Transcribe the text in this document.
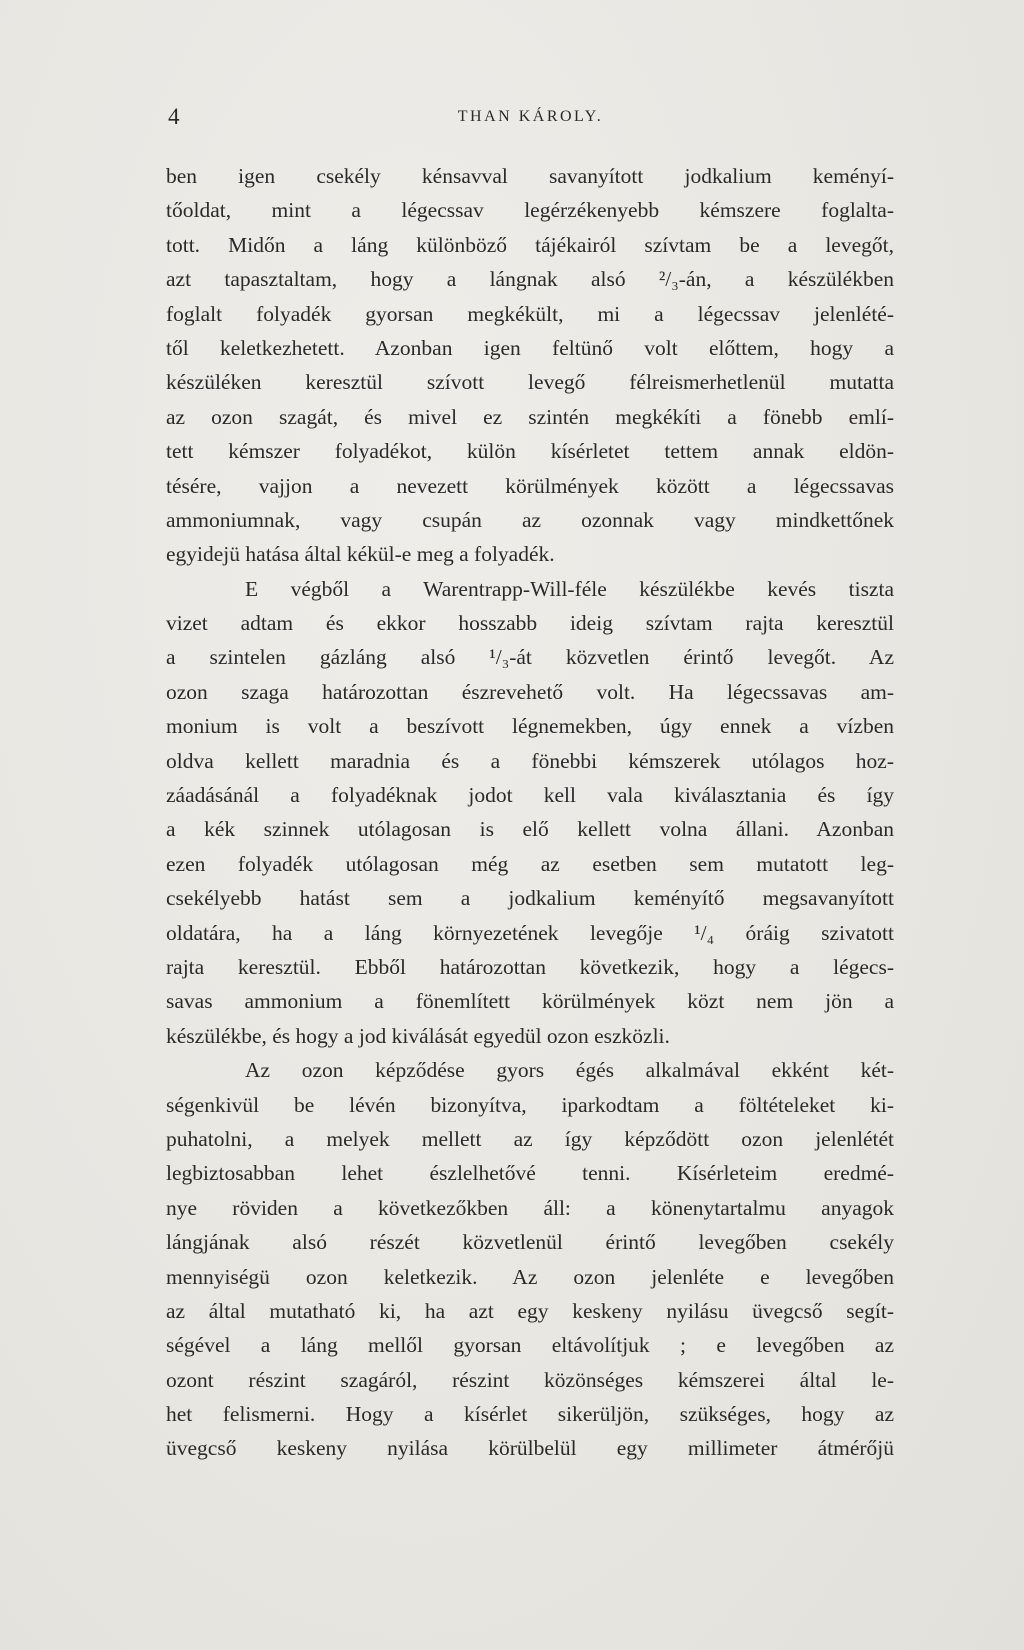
4	THAN KÁROLY.
ben igen csekély kénsavval savanyított jodkalium keményí-
tőoldat, mint a légecssav legérzékenyebb kémszere foglalta-
tott. Midőn a láng különböző tájékairól szívtam be a levegőt,
azt tapasztaltam, hogy a lángnak alsó ²/₃-án, a készülékben
foglalt folyadék gyorsan megkékült, mi a légecssav jelenlété-
től keletkezhetett. Azonban igen feltünő volt előttem, hogy a
készüléken keresztül szívott levegő félreismerhetlenül mutatta
az ozon szagát, és mivel ez szintén megkékíti a fönebb emlí-
tett kémszer folyadékot, külön kísérletet tettem annak eldön-
tésére, vajjon a nevezett körülmények között a légecssavas
ammoniumnak, vagy csupán az ozonnak vagy mindkettőnek
egyidejü hatása által kékül-e meg a folyadék.
E végből a Warentrapp-Will-féle készülékbe kevés tiszta
vizet adtam és ekkor hosszabb ideig szívtam rajta keresztül
a szintelen gázláng alsó ¹/₃-át közvetlen érintő levegőt. Az
ozon szaga határozottan észrevehető volt. Ha légecssavas am-
monium is volt a beszívott légnemekben, úgy ennek a vízben
oldva kellett maradnia és a fönebbi kémszerek utólagos hoz-
záadásánál a folyadéknak jodot kell vala kiválasztania és így
a kék szinnek utólagosan is elő kellett volna állani. Azonban
ezen folyadék utólagosan még az esetben sem mutatott leg-
csekélyebb hatást sem a jodkalium keményítő megsavanyított
oldatára, ha a láng környezetének levegője ¹/₄ óráig szivatott
rajta keresztül. Ebből határozottan következik, hogy a légecs-
savas ammonium a fönemlített körülmények közt nem jön a
készülékbe, és hogy a jod kiválását egyedül ozon eszközli.
Az ozon képződése gyors égés alkalmával ekként két-
ségenkivül be lévén bizonyítva, iparkodtam a föltételeket ki-
puhatolni, a melyek mellett az így képződött ozon jelenlétét
legbiztosabban lehet észlelhetővé tenni. Kísérleteim eredmé-
nye röviden a következőkben áll: a könenytartalmu anyagok
lángjának alsó részét közvetlenül érintő levegőben csekély
mennyiségü ozon keletkezik. Az ozon jelenléte e levegőben
az által mutatható ki, ha azt egy keskeny nyilásu üvegcső segít-
ségével a láng mellől gyorsan eltávolítjuk ; e levegőben az
ozont részint szagáról, részint közönséges kémszerei által le-
het felismerni. Hogy a kísérlet sikerüljön, szükséges, hogy az
üvegcső keskeny nyilása körülbelül egy millimeter átmérőjü
